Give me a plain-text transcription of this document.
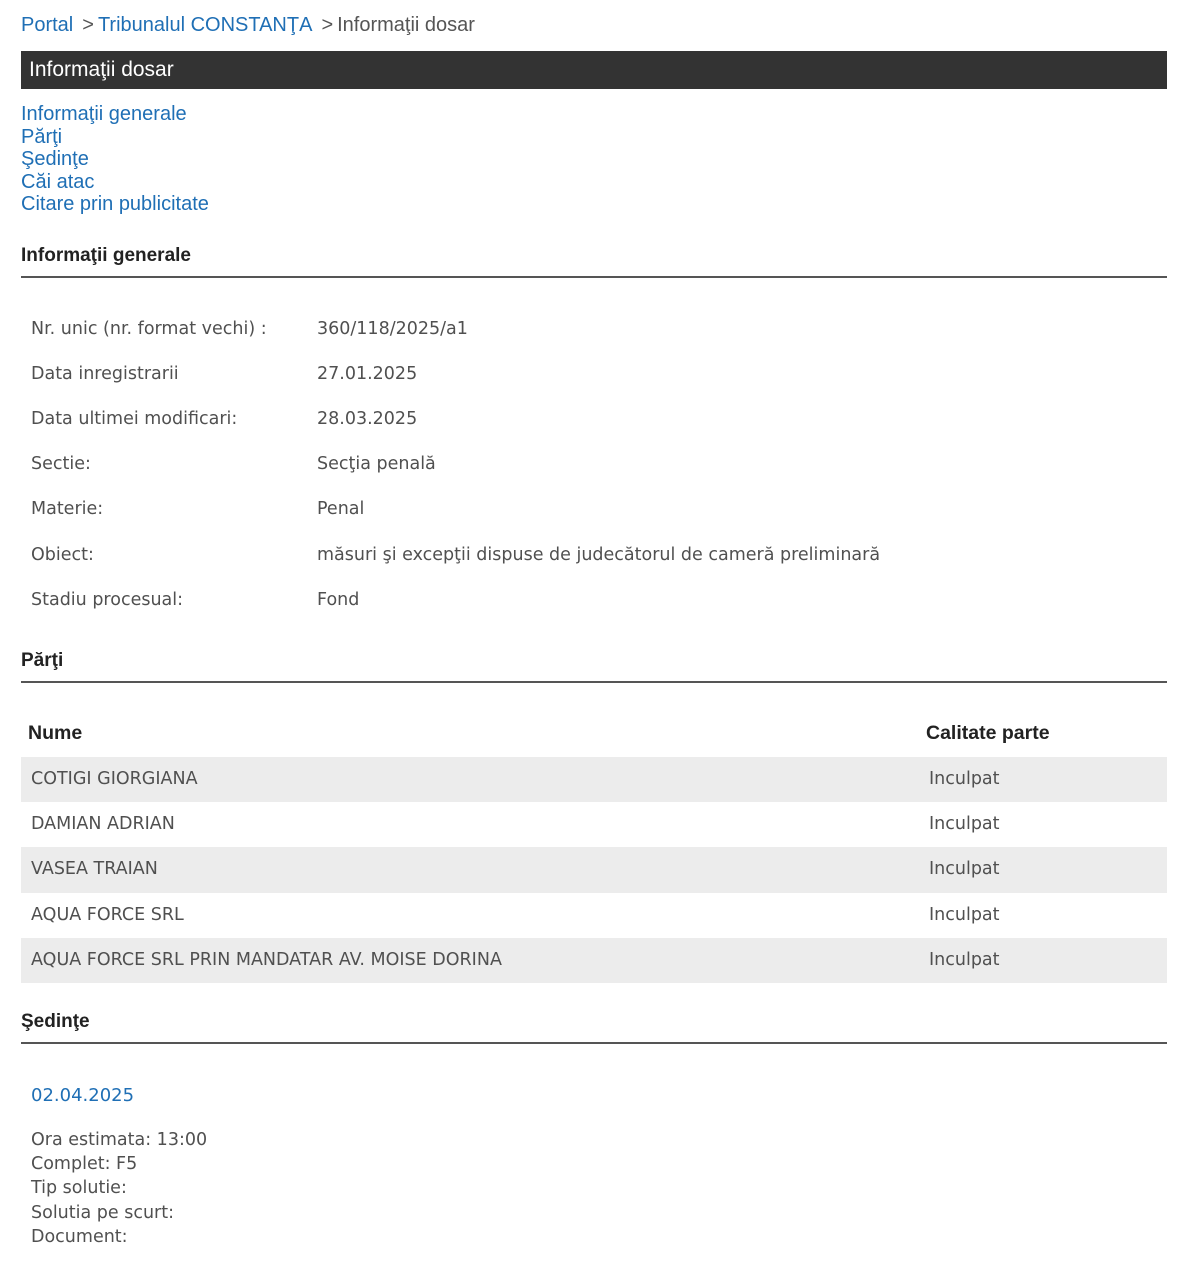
Portal > Tribunalul CONSTANŢA > Informaţii dosar
Informaţii dosar
Informaţii generale
Părţi
Şedinţe
Căi atac
Citare prin publicitate
Informaţii generale
Nr. unic (nr. format vechi) :	360/118/2025/a1
Data inregistrarii	27.01.2025
Data ultimei modificari:	28.03.2025
Sectie:	Secţia penală
Materie:	Penal
Obiect:	măsuri şi excepţii dispuse de judecătorul de cameră preliminară
Stadiu procesual:	Fond
Părţi
Nume	Calitate parte
COTIGI GIORGIANA	Inculpat
DAMIAN ADRIAN	Inculpat
VASEA TRAIAN	Inculpat
AQUA FORCE SRL	Inculpat
AQUA FORCE SRL PRIN MANDATAR AV. MOISE DORINA	Inculpat
Şedinţe
02.04.2025
Ora estimata: 13:00
Complet: F5
Tip solutie:
Solutia pe scurt:
Document:
